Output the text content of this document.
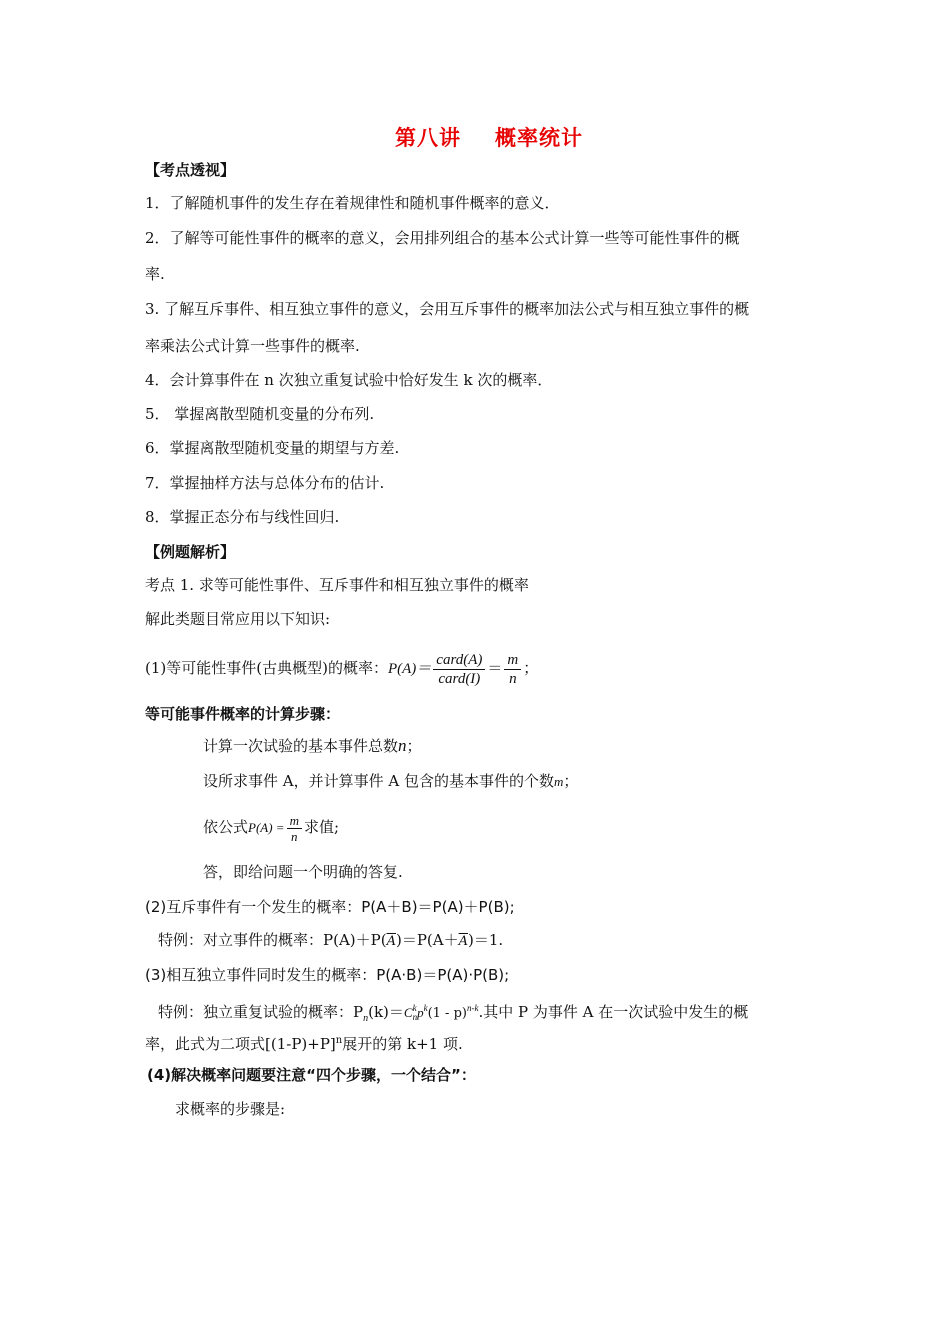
第八讲 概率统计
【考点透视】
1．了解随机事件的发生存在着规律性和随机事件概率的意义．
2．了解等可能性事件的概率的意义，会用排列组合的基本公式计算一些等可能性事件的概
率.
3. 了解互斥事件、相互独立事件的意义，会用互斥事件的概率加法公式与相互独立事件的概
率乘法公式计算一些事件的概率.
4．会计算事件在 n 次独立重复试验中恰好发生 k 次的概率．
5． 掌握离散型随机变量的分布列.
6．掌握离散型随机变量的期望与方差.
7．掌握抽样方法与总体分布的估计.
8．掌握正态分布与线性回归.
【例题解析】
考点 1. 求等可能性事件、互斥事件和相互独立事件的概率
解此类题目常应用以下知识:
(1)等可能性事件(古典概型)的概率：$P(A)= \frac{\text{card(A)}}{\text{card(I)}} = \frac{m}{n}$ ；
等可能事件概率的计算步骤：
计算一次试验的基本事件总数n；
设所求事件 A，并计算事件 A 包含的基本事件的个数m；
依公式$P(A) = \frac{m}{n}$ 求值;
答，即给问题一个明确的答复.
(2)互斥事件有一个发生的概率：P(A＋B)＝P(A)＋P(B);
特例：对立事件的概率：$P(A)+P(\overline{A})=P(A+\overline{A})=1$.
(3)相互独立事件同时发生的概率：P(A·B)＝P(A)·P(B);
特例：独立重复试验的概率：$P_n(k)=C$ k
n $p^k(1 - p)^{n-k}$.其中 P 为事件 A 在一次试验中发生的概
率，此式为二项式$[(1-P)+P]^n$展开的第 k+1 项.
(4)解决概率问题要注意“四个步骤，一个结合”：
求概率的步骤是:
